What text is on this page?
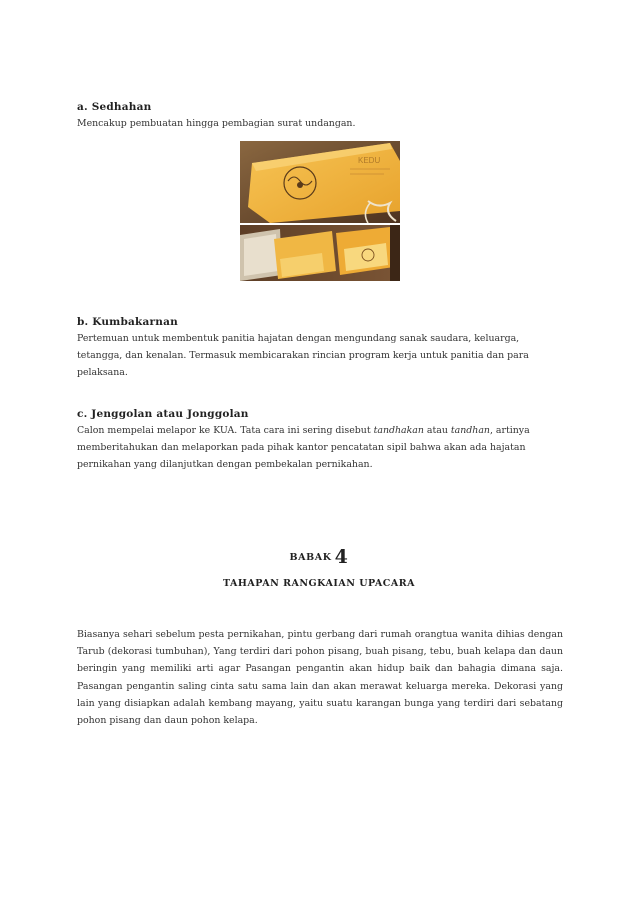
a. Sedhahan

Mencakup pembuatan hingga pembagian surat undangan.

KEDU

b. Kumbakarnan

Pertemuan untuk membentuk panitia hajatan dengan mengundang sanak saudara, keluarga,

tetangga, dan kenalan. Termasuk membicarakan rincian program kerja untuk panitia dan para

pelaksana.

c. Jenggolan atau Jonggolan

Calon mempelai melapor ke KUA. Tata cara ini sering disebut tandhakan atau tandhan, artinya

memberitahukan dan melaporkan pada pihak kantor pencatatan sipil bahwa akan ada hajatan

pernikahan yang dilanjutkan dengan pembekalan pernikahan.

BABAK 4
TAHAPAN RANGKAIAN UPACARA

Biasanya sehari sebelum pesta pernikahan, pintu gerbang dari rumah orangtua wanita dihias dengan Tarub (dekorasi tumbuhan), Yang terdiri dari pohon pisang, buah pisang, tebu, buah kelapa dan daun beringin yang memiliki arti agar Pasangan pengantin akan hidup baik dan bahagia dimana saja. Pasangan pengantin saling cinta satu sama lain dan akan merawat keluarga mereka. Dekorasi yang lain yang disiapkan adalah kembang mayang, yaitu suatu karangan bunga yang terdiri dari sebatang pohon pisang dan daun pohon kelapa.
